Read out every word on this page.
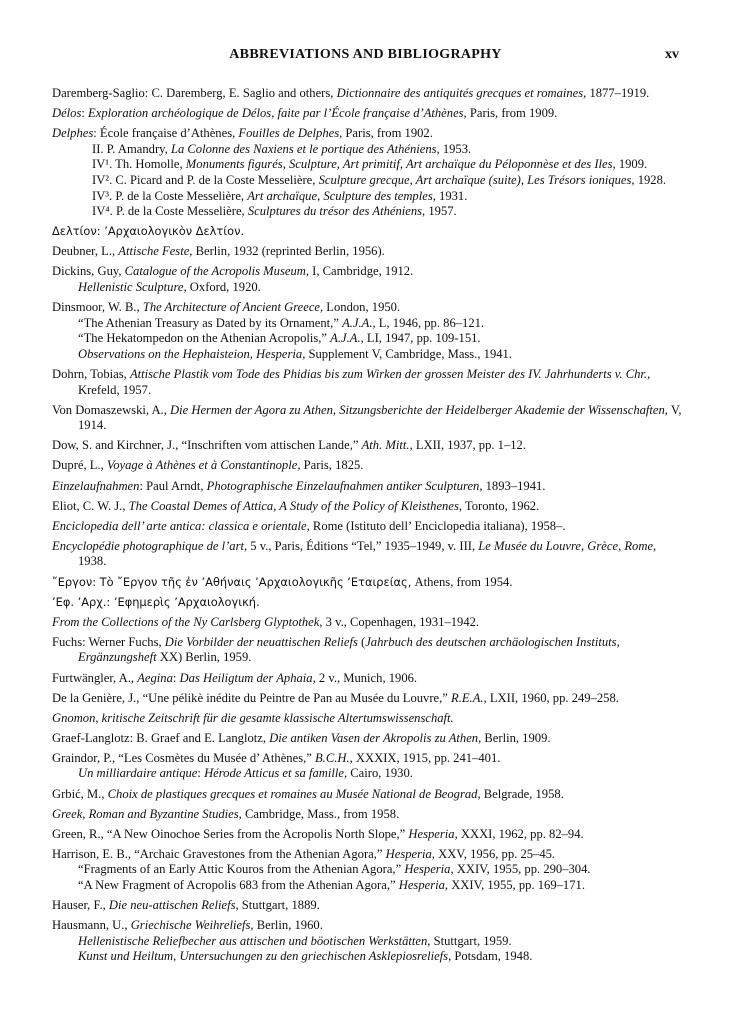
ABBREVIATIONS AND BIBLIOGRAPHY	xv
Daremberg-Saglio: C. Daremberg, E. Saglio and others, Dictionnaire des antiquités grecques et romaines, 1877–1919.
Délos: Exploration archéologique de Délos, faite par l’École française d’Athènes, Paris, from 1909.
Delphes: École française d’Athènes, Fouilles de Delphes, Paris, from 1902.
II. P. Amandry, La Colonne des Naxiens et le portique des Athéniens, 1953.
IV¹. Th. Homolle, Monuments figurés, Sculpture, Art primitif, Art archaïque du Péloponnèse et des Iles, 1909.
IV². C. Picard and P. de la Coste Messelière, Sculpture grecque, Art archaïque (suite), Les Trésors ioniques, 1928.
IV³. P. de la Coste Messelière, Art archaïque, Sculpture des temples, 1931.
IV⁴. P. de la Coste Messelière, Sculptures du trésor des Athéniens, 1957.
Δελτίον: ’Αρχαιολογικὸν Δελτίον.
Deubner, L., Attische Feste, Berlin, 1932 (reprinted Berlin, 1956).
Dickins, Guy, Catalogue of the Acropolis Museum, I, Cambridge, 1912.
Hellenistic Sculpture, Oxford, 1920.
Dinsmoor, W. B., The Architecture of Ancient Greece, London, 1950.
“The Athenian Treasury as Dated by its Ornament,” A.J.A., L, 1946, pp. 86–121.
“The Hekatompedon on the Athenian Acropolis,” A.J.A., LI, 1947, pp. 109-151.
Observations on the Hephaisteion, Hesperia, Supplement V, Cambridge, Mass., 1941.
Dohrn, Tobias, Attische Plastik vom Tode des Phidias bis zum Wirken der grossen Meister des IV. Jahrhunderts v. Chr., Krefeld, 1957.
Von Domaszewski, A., Die Hermen der Agora zu Athen, Sitzungsberichte der Heidelberger Akademie der Wissenschaften, V, 1914.
Dow, S. and Kirchner, J., “Inschriften vom attischen Lande,” Ath. Mitt., LXII, 1937, pp. 1–12.
Dupré, L., Voyage à Athènes et à Constantinople, Paris, 1825.
Einzelaufnahmen: Paul Arndt, Photographische Einzelaufnahmen antiker Sculpturen, 1893–1941.
Eliot, C. W. J., The Coastal Demes of Attica, A Study of the Policy of Kleisthenes, Toronto, 1962.
Enciclopedia dell’ arte antica: classica e orientale, Rome (Istituto dell’ Enciclopedia italiana), 1958–.
Encyclopédie photographique de l’art, 5 v., Paris, Éditions “Tel,” 1935–1949, v. III, Le Musée du Louvre, Grèce, Rome, 1938.
῎Εργον: Τὸ ῎Εργον τῆς ἐν ’Αθήναις ’Αρχαιολογικῆς ‘Εταιρείας, Athens, from 1954.
’Εφ. ’Αρχ.: ’Εφημερὶς ’Αρχαιολογική.
From the Collections of the Ny Carlsberg Glyptothek, 3 v., Copenhagen, 1931–1942.
Fuchs: Werner Fuchs, Die Vorbilder der neuattischen Reliefs (Jahrbuch des deutschen archäologischen Instituts, Ergänzungsheft XX) Berlin, 1959.
Furtwängler, A., Aegina: Das Heiligtum der Aphaia, 2 v., Munich, 1906.
De la Genière, J., “Une pélikè inédite du Peintre de Pan au Musée du Louvre,” R.E.A., LXII, 1960, pp. 249–258.
Gnomon, kritische Zeitschrift für die gesamte klassische Altertumswissenschaft.
Graef-Langlotz: B. Graef and E. Langlotz, Die antiken Vasen der Akropolis zu Athen, Berlin, 1909.
Graindor, P., “Les Cosmètes du Musée d’ Athènes,” B.C.H., XXXIX, 1915, pp. 241–401.
Un milliardaire antique: Hérode Atticus et sa famille, Cairo, 1930.
Grbić, M., Choix de plastiques grecques et romaines au Musée National de Beograd, Belgrade, 1958.
Greek, Roman and Byzantine Studies, Cambridge, Mass., from 1958.
Green, R., “A New Oinochoe Series from the Acropolis North Slope,” Hesperia, XXXI, 1962, pp. 82–94.
Harrison, E. B., “Archaic Gravestones from the Athenian Agora,” Hesperia, XXV, 1956, pp. 25–45.
“Fragments of an Early Attic Kouros from the Athenian Agora,” Hesperia, XXIV, 1955, pp. 290–304.
“A New Fragment of Acropolis 683 from the Athenian Agora,” Hesperia, XXIV, 1955, pp. 169–171.
Hauser, F., Die neu-attischen Reliefs, Stuttgart, 1889.
Hausmann, U., Griechische Weihreliefs, Berlin, 1960.
Hellenistische Reliefbecher aus attischen und böotischen Werkstätten, Stuttgart, 1959.
Kunst und Heiltum, Untersuchungen zu den griechischen Asklepiosreliefs, Potsdam, 1948.
